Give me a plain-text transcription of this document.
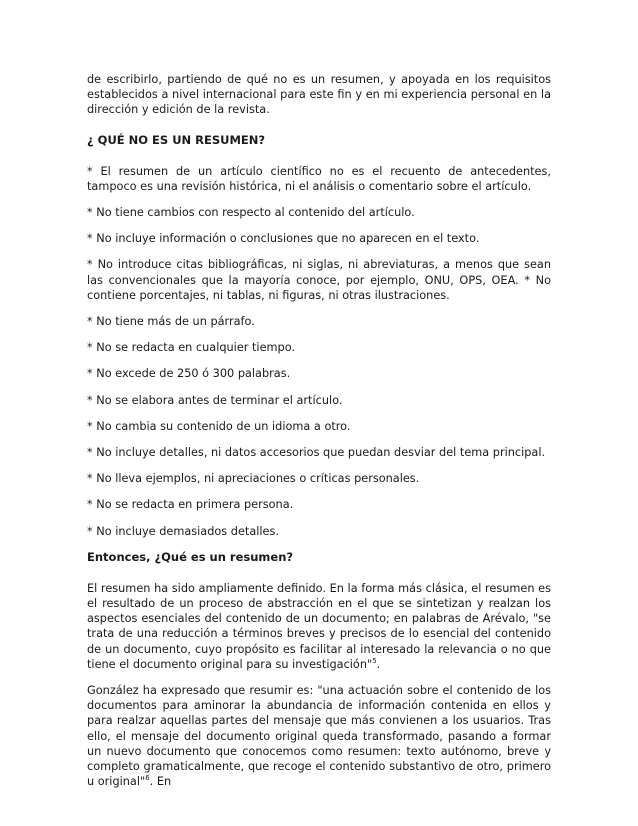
de escribirlo, partiendo de qué no es un resumen, y apoyada en los requisitos establecidos a nivel internacional para este fin y en mi experiencia personal en la dirección y edición de la revista.

¿ QUÉ NO ES UN RESUMEN?

* El resumen de un artículo científico no es el recuento de antecedentes, tampoco es una revisión histórica, ni el análisis o comentario sobre el artículo.

* No tiene cambios con respecto al contenido del artículo.

* No incluye información o conclusiones que no aparecen en el texto.

* No introduce citas bibliográficas, ni siglas, ni abreviaturas, a menos que sean las convencionales que la mayoría conoce, por ejemplo, ONU, OPS, OEA. * No contiene porcentajes, ni tablas, ni figuras, ni otras ilustraciones.

* No tiene más de un párrafo.

* No se redacta en cualquier tiempo.

* No excede de 250 ó 300 palabras.

* No se elabora antes de terminar el artículo.

* No cambia su contenido de un idioma a otro.

* No incluye detalles, ni datos accesorios que puedan desviar del tema principal.

* No lleva ejemplos, ni apreciaciones o críticas personales.

* No se redacta en primera persona.

* No incluye demasiados detalles.

Entonces, ¿Qué es un resumen?

El resumen ha sido ampliamente definido. En la forma más clásica, el resumen es el resultado de un proceso de abstracción en el que se sintetizan y realzan los aspectos esenciales del contenido de un documento; en palabras de Arévalo, "se trata de una reducción a términos breves y precisos de lo esencial del contenido de un documento, cuyo propósito es facilitar al interesado la relevancia o no que tiene el documento original para su investigación"$^5$.

González ha expresado que resumir es: "una actuación sobre el contenido de los documentos para aminorar la abundancia de información contenida en ellos y para realzar aquellas partes del mensaje que más convienen a los usuarios. Tras ello, el mensaje del documento original queda transformado, pasando a formar un nuevo documento que conocemos como resumen: texto autónomo, breve y completo gramaticalmente, que recoge el contenido substantivo de otro, primero u original"$^6$. En
